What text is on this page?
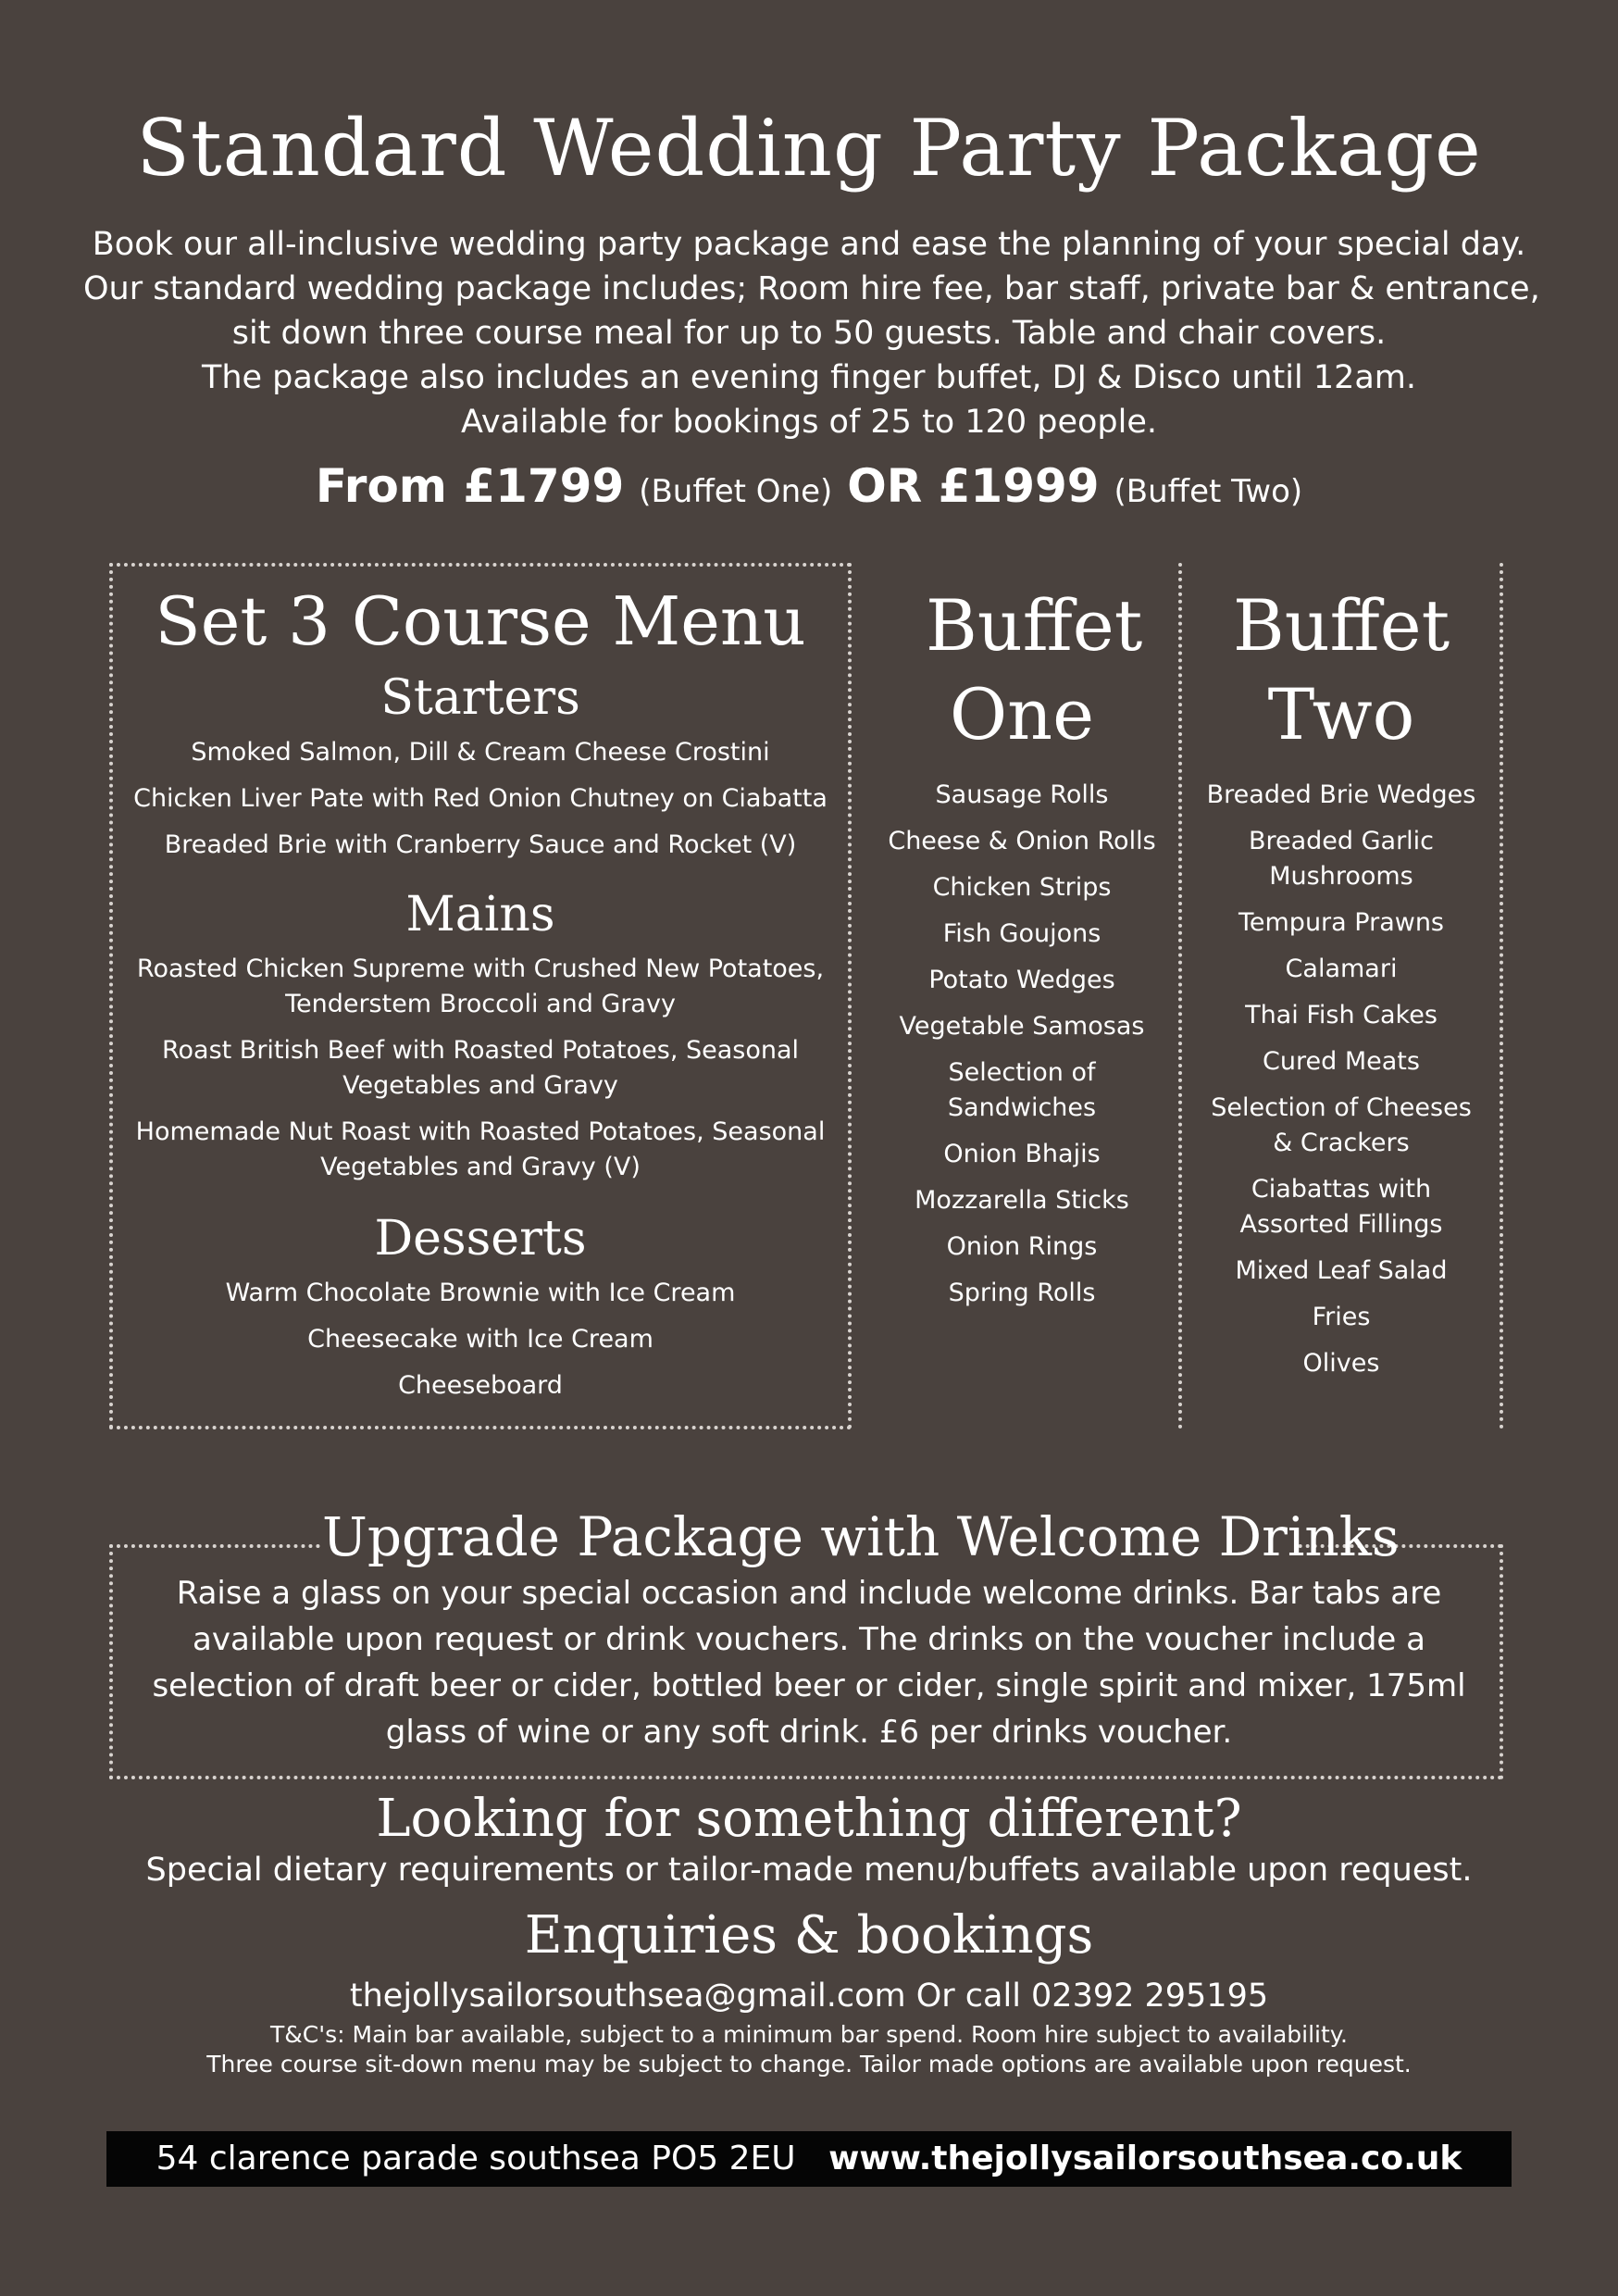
Standard Wedding Party Package
Book our all-inclusive wedding party package and ease the planning of your special day.
Our standard wedding package includes; Room hire fee, bar staff, private bar & entrance,
sit down three course meal for up to 50 guests. Table and chair covers.
The package also includes an evening finger buffet, DJ & Disco until 12am.
Available for bookings of 25 to 120 people.
From £1799 (Buffet One) OR £1999 (Buffet Two)
Set 3 Course Menu
Starters
Smoked Salmon, Dill & Cream Cheese Crostini
Chicken Liver Pate with Red Onion Chutney on Ciabatta
Breaded Brie with Cranberry Sauce and Rocket (V)
Mains
Roasted Chicken Supreme with Crushed New Potatoes, Tenderstem Broccoli and Gravy
Roast British Beef with Roasted Potatoes, Seasonal Vegetables and Gravy
Homemade Nut Roast with Roasted Potatoes, Seasonal Vegetables and Gravy (V)
Desserts
Warm Chocolate Brownie with Ice Cream
Cheesecake with Ice Cream
Cheeseboard
Buffet
One
Sausage Rolls
Cheese & Onion Rolls
Chicken Strips
Fish Goujons
Potato Wedges
Vegetable Samosas
Selection of Sandwiches
Onion Bhajis
Mozzarella Sticks
Onion Rings
Spring Rolls
Buffet
Two
Breaded Brie Wedges
Breaded Garlic Mushrooms
Tempura Prawns
Calamari
Thai Fish Cakes
Cured Meats
Selection of Cheeses & Crackers
Ciabattas with Assorted Fillings
Mixed Leaf Salad
Fries
Olives
Upgrade Package with Welcome Drinks
Raise a glass on your special occasion and include welcome drinks. Bar tabs are available upon request or drink vouchers. The drinks on the voucher include a selection of draft beer or cider, bottled beer or cider, single spirit and mixer, 175ml glass of wine or any soft drink. £6 per drinks voucher.
Looking for something different?
Special dietary requirements or tailor-made menu/buffets available upon request.
Enquiries & bookings
thejollysailorsouthsea@gmail.com Or call 02392 295195
T&C's: Main bar available, subject to a minimum bar spend. Room hire subject to availability.
Three course sit-down menu may be subject to change. Tailor made options are available upon request.
54 clarence parade southsea PO5 2EU www.thejollysailorsouthsea.co.uk
